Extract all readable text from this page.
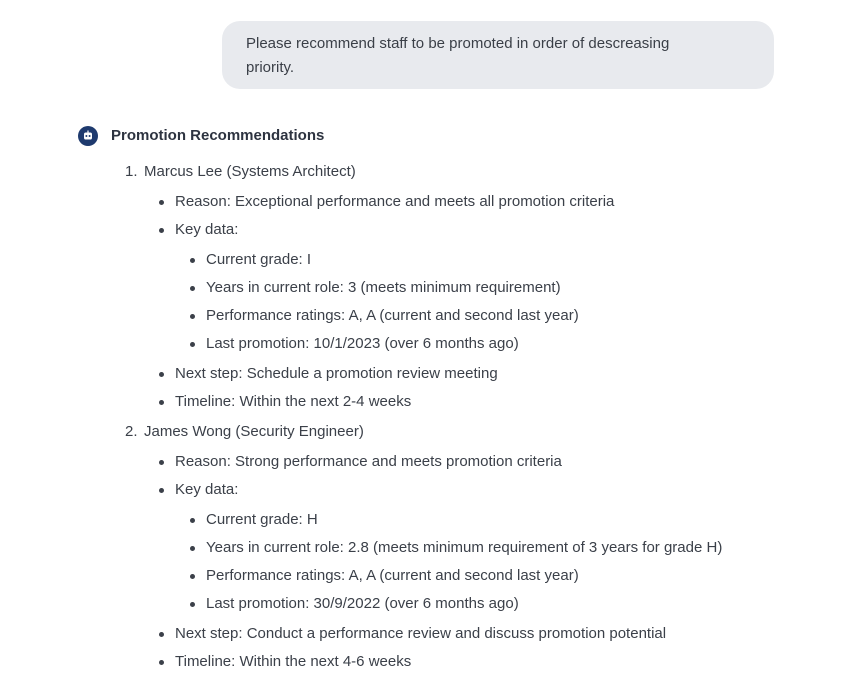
Please recommend staff to be promoted in order of descreasing
priority.
Promotion Recommendations
1. Marcus Lee (Systems Architect)
Reason: Exceptional performance and meets all promotion criteria
Key data:
Current grade: I
Years in current role: 3 (meets minimum requirement)
Performance ratings: A, A (current and second last year)
Last promotion: 10/1/2023 (over 6 months ago)
Next step: Schedule a promotion review meeting
Timeline: Within the next 2-4 weeks
2. James Wong (Security Engineer)
Reason: Strong performance and meets promotion criteria
Key data:
Current grade: H
Years in current role: 2.8 (meets minimum requirement of 3 years for grade H)
Performance ratings: A, A (current and second last year)
Last promotion: 30/9/2022 (over 6 months ago)
Next step: Conduct a performance review and discuss promotion potential
Timeline: Within the next 4-6 weeks
